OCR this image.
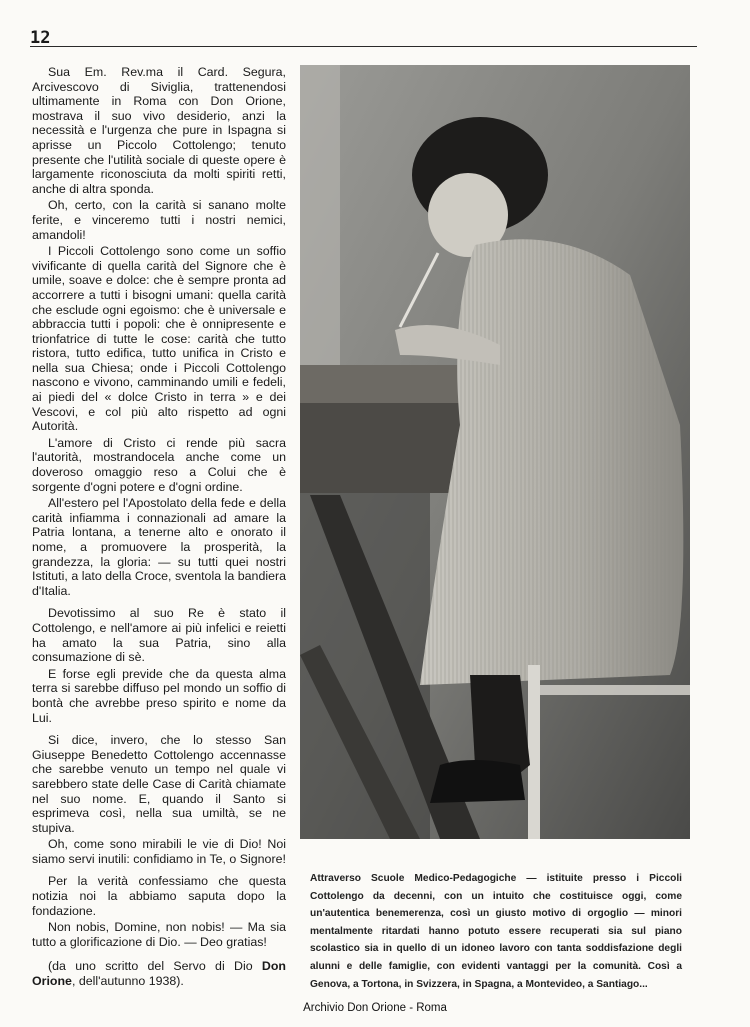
12

Sua Em. Rev.ma il Card. Segura, Arcivescovo di Siviglia, trattenendosi ultimamente in Roma con Don Orione, mostrava il suo vivo desiderio, anzi la necessità e l'urgenza che pure in Ispagna si aprisse un Piccolo Cottolengo; tenuto presente che l'utilità sociale di queste opere è largamente riconosciuta da molti spiriti retti, anche di altra sponda.

Oh, certo, con la carità si sanano molte ferite, e vinceremo tutti i nostri nemici, amandoli!

I Piccoli Cottolengo sono come un soffio vivificante di quella carità del Signore che è umile, soave e dolce: che è sempre pronta ad accorrere a tutti i bisogni umani: quella carità che esclude ogni egoismo: che è universale e abbraccia tutti i popoli: che è onnipresente e trionfatrice di tutte le cose: carità che tutto ristora, tutto edifica, tutto unifica in Cristo e nella sua Chiesa; onde i Piccoli Cottolengo nascono e vivono, camminando umili e fedeli, ai piedi del « dolce Cristo in terra » e dei Vescovi, e col più alto rispetto ad ogni Autorità.

L'amore di Cristo ci rende più sacra l'autorità, mostrandocela anche come un doveroso omaggio reso a Colui che è sorgente d'ogni potere e d'ogni ordine.

All'estero pel l'Apostolato della fede e della carità infiamma i connazionali ad amare la Patria lontana, a tenerne alto e onorato il nome, a promuovere la prosperità, la grandezza, la gloria: — su tutti quei nostri Istituti, a lato della Croce, sventola la bandiera d'Italia.

Devotissimo al suo Re è stato il Cottolengo, e nell'amore ai più infelici e reietti ha amato la sua Patria, sino alla consumazione di sè.

E forse egli previde che da questa alma terra si sarebbe diffuso pel mondo un soffio di bontà che avrebbe preso spirito e nome da Lui.

Si dice, invero, che lo stesso San Giuseppe Benedetto Cottolengo accennasse che sarebbe venuto un tempo nel quale vi sarebbero state delle Case di Carità chiamate nel suo nome. E, quando il Santo si esprimeva così, nella sua umiltà, se ne stupiva.

Oh, come sono mirabili le vie di Dio! Noi siamo servi inutili: confidiamo in Te, o Signore!

Per la verità confessiamo che questa notizia noi la abbiamo saputa dopo la fondazione.

Non nobis, Domine, non nobis! — Ma sia tutto a glorificazione di Dio. — Deo gratias!

(da uno scritto del Servo di Dio Don Orione, dell'autunno 1938).

Attraverso Scuole Medico-Pedagogiche — istituite presso i Piccoli Cottolengo da decenni, con un intuito che costituisce oggi, come un'autentica benemerenza, così un giusto motivo di orgoglio — minori mentalmente ritardati hanno potuto essere recuperati sia sul piano scolastico sia in quello di un idoneo lavoro con tanta soddisfazione degli alunni e delle famiglie, con evidenti vantaggi per la comunità. Così a Genova, a Tortona, in Svizzera, in Spagna, a Montevideo, a Santiago...
Archivio Don Orione - Roma
